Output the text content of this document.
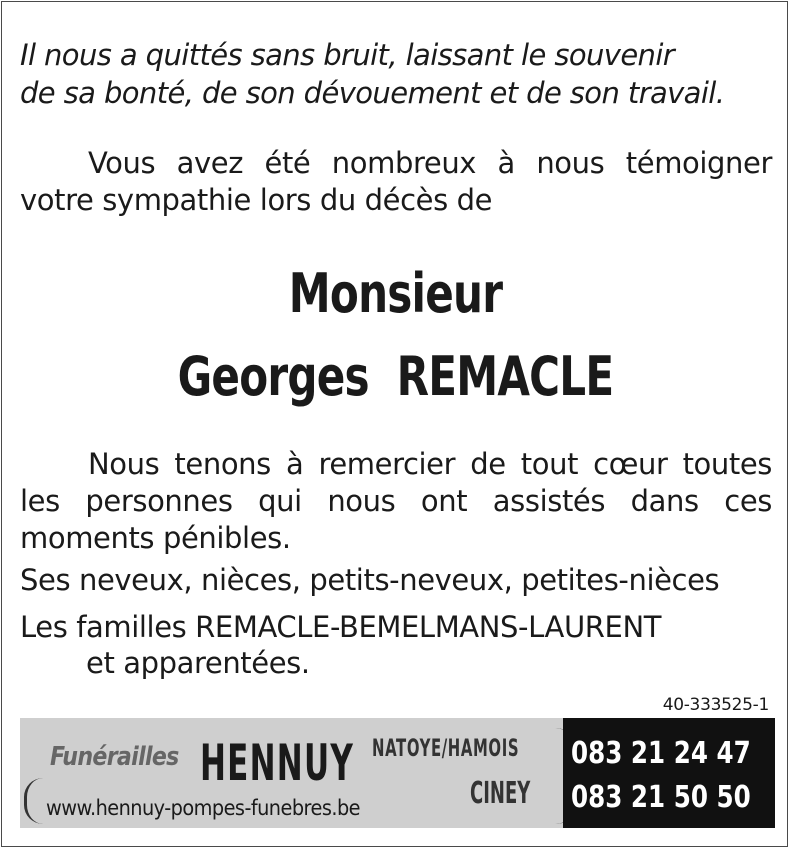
Il nous a quittés sans bruit, laissant le souvenir
de sa bonté, de son dévouement et de son travail.
Vous avez été nombreux à nous témoigner
votre sympathie lors du décès de
Monsieur
Georges  REMACLE
Nous tenons à remercier de tout cœur toutes les personnes qui nous ont assistés dans ces moments pénibles.
Ses neveux, nièces, petits-neveux, petites-nièces
Les familles REMACLE-BEMELMANS-LAURENT
et apparentées.
40-333525-1
Funérailles HENNUY NATOYE/HAMOIS
CINEY
www.hennuy-pompes-funebres.be
083 21 24 47
083 21 50 50
